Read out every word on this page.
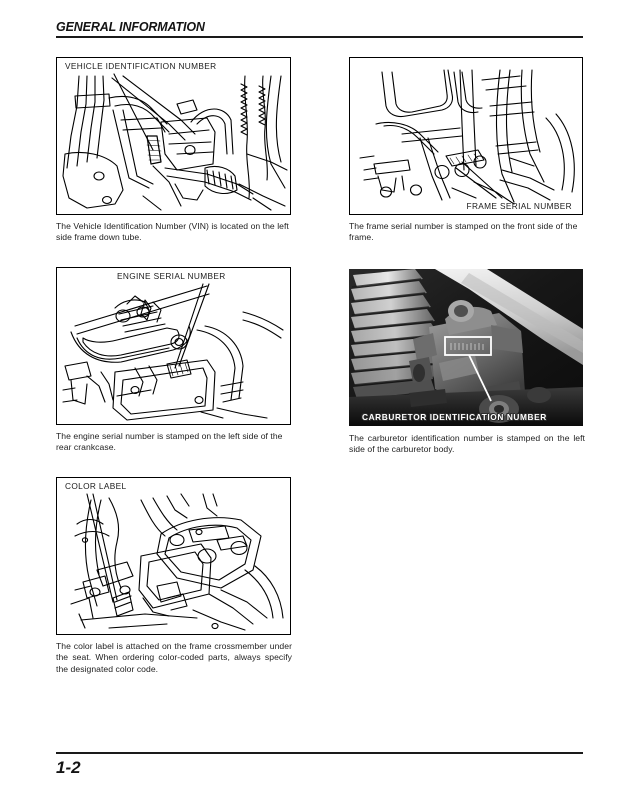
GENERAL INFORMATION
VEHICLE IDENTIFICATION NUMBER
The Vehicle Identification Number (VIN) is located on the left side frame down tube.
FRAME SERIAL NUMBER
The frame serial number is stamped on the front side of the frame.
ENGINE SERIAL NUMBER
The engine serial number is stamped on the left side of the rear crankcase.
CARBURETOR IDENTIFICATION NUMBER
The carburetor identification number is stamped on the left side of the carburetor body.
COLOR LABEL
The color label is attached on the frame crossmember under the seat. When ordering color-coded parts, always specify the designated color code.
1-2
